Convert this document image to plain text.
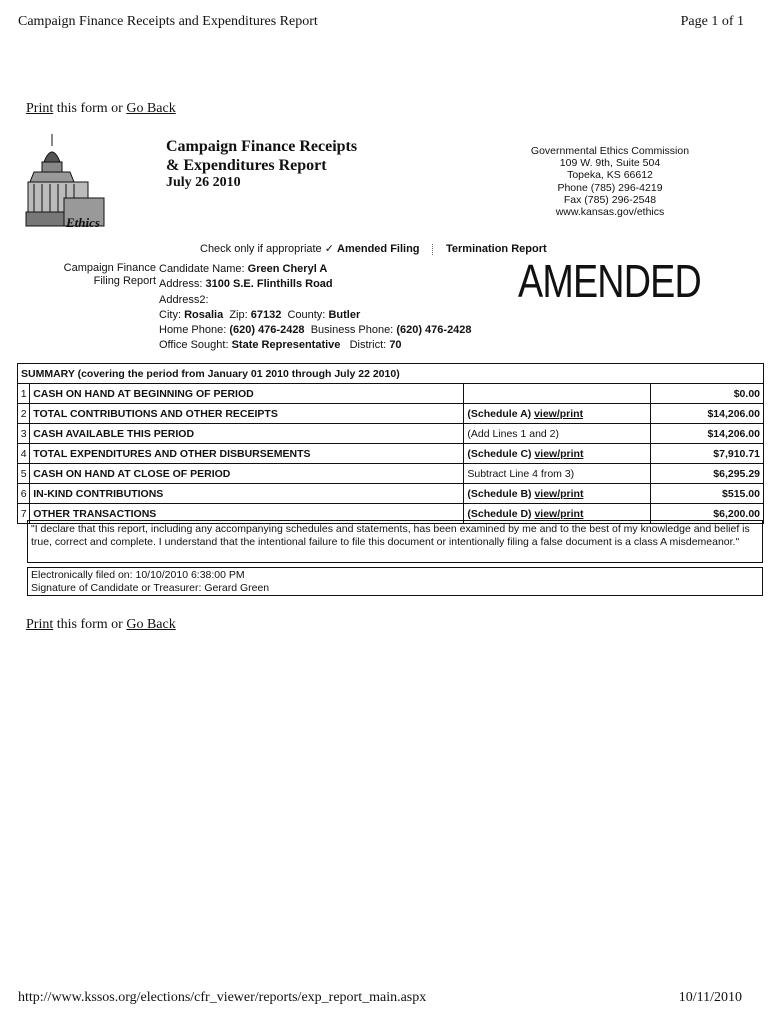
Campaign Finance Receipts and Expenditures Report	Page 1 of 1
Print this form or Go Back
Ethics
Campaign Finance Receipts
& Expenditures Report
July 26 2010
Governmental Ethics Commission
109 W. 9th, Suite 504
Topeka, KS 66612
Phone (785) 296-4219
Fax (785) 296-2548
www.kansas.gov/ethics
Check only if appropriate ✓ Amended Filing Termination Report
Campaign Finance
Filing Report
Candidate Name: Green Cheryl A
Address: 3100 S.E. Flinthills Road
Address2:
City: Rosalia Zip: 67132 County: Butler
Home Phone: (620) 476-2428 Business Phone: (620) 476-2428
Office Sought: State Representative District: 70
AMENDED
SUMMARY (covering the period from January 01 2010 through July 22 2010)			
1	CASH ON HAND AT BEGINNING OF PERIOD		$0.00
2	TOTAL CONTRIBUTIONS AND OTHER RECEIPTS	(Schedule A) view/print	$14,206.00
3	CASH AVAILABLE THIS PERIOD	(Add Lines 1 and 2)	$14,206.00
4	TOTAL EXPENDITURES AND OTHER DISBURSEMENTS	(Schedule C) view/print	$7,910.71
5	CASH ON HAND AT CLOSE OF PERIOD	Subtract Line 4 from 3)	$6,295.29
6	IN-KIND CONTRIBUTIONS	(Schedule B) view/print	$515.00
7	OTHER TRANSACTIONS	(Schedule D) view/print	$6,200.00
"I declare that this report, including any accompanying schedules and statements, has been examined by me and to the best of my knowledge and belief is true, correct and complete. I understand that the intentional failure to file this document or intentionally filing a false document is a class A misdemeanor."
Electronically filed on: 10/10/2010 6:38:00 PM
Signature of Candidate or Treasurer: Gerard Green
Print this form or Go Back
http://www.kssos.org/elections/cfr_viewer/reports/exp_report_main.aspx	10/11/2010
